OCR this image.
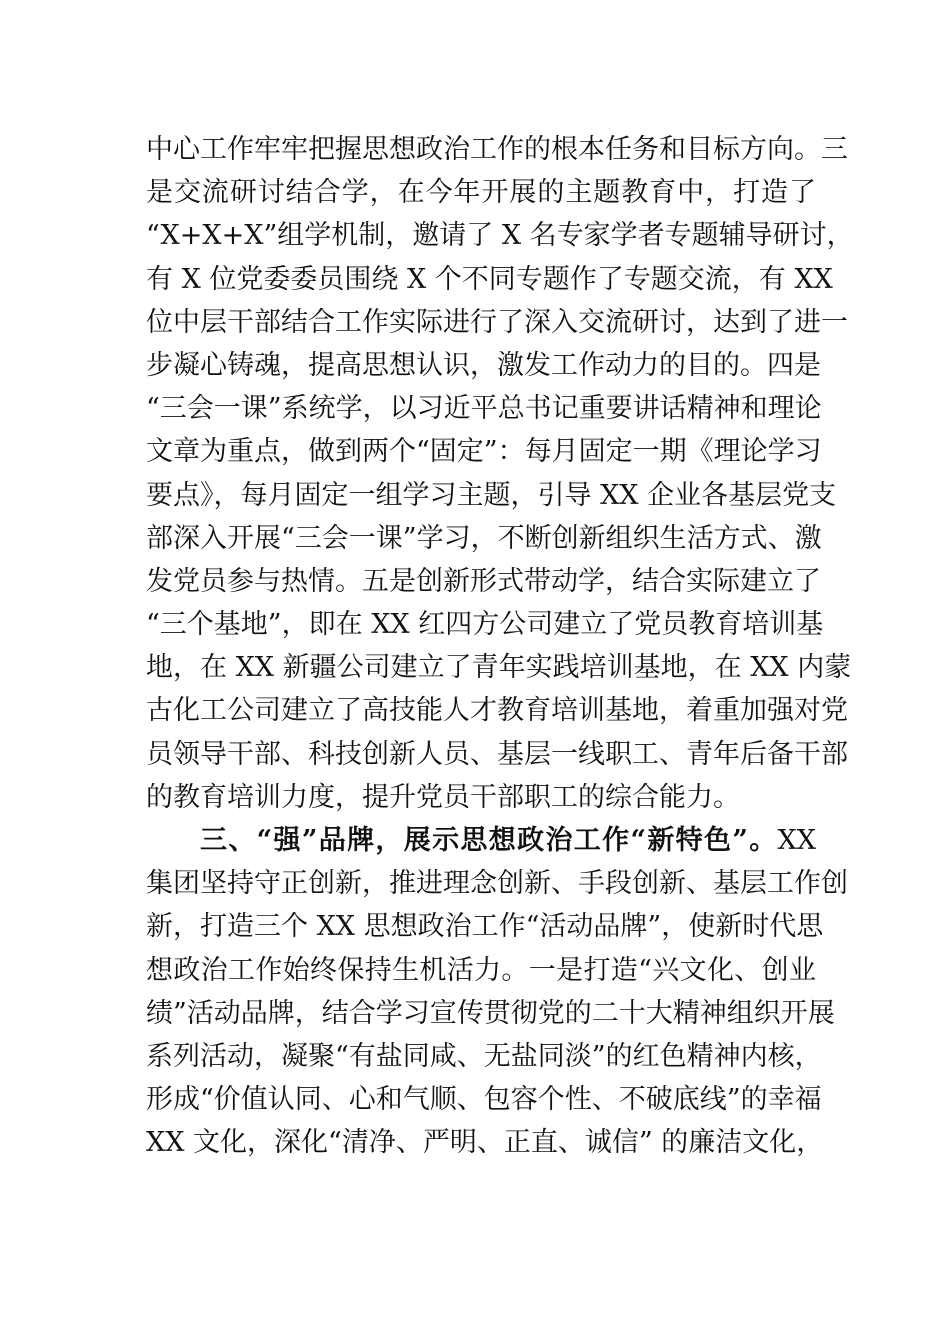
中心工作牢牢把握思想政治工作的根本任务和目标方向。三
是交流研讨结合学，在今年开展的主题教育中，打造了
“X+X+X”组学机制，邀请了 X 名专家学者专题辅导研讨，
有 X 位党委委员围绕 X 个不同专题作了专题交流，有 XX
位中层干部结合工作实际进行了深入交流研讨，达到了进一
步凝心铸魂，提高思想认识，激发工作动力的目的。四是
“三会一课”系统学，以习近平总书记重要讲话精神和理论
文章为重点，做到两个“固定”：每月固定一期《理论学习
要点》，每月固定一组学习主题，引导 XX 企业各基层党支
部深入开展“三会一课”学习，不断创新组织生活方式、激
发党员参与热情。五是创新形式带动学，结合实际建立了
“三个基地”，即在 XX 红四方公司建立了党员教育培训基
地，在 XX 新疆公司建立了青年实践培训基地，在 XX 内蒙
古化工公司建立了高技能人才教育培训基地，着重加强对党
员领导干部、科技创新人员、基层一线职工、青年后备干部
的教育培训力度，提升党员干部职工的综合能力。
三、“强”品牌，展示思想政治工作“新特色”。XX
集团坚持守正创新，推进理念创新、手段创新、基层工作创
新，打造三个 XX 思想政治工作“活动品牌”，使新时代思
想政治工作始终保持生机活力。一是打造“兴文化、创业
绩”活动品牌，结合学习宣传贯彻党的二十大精神组织开展
系列活动，凝聚“有盐同咸、无盐同淡”的红色精神内核，
形成“价值认同、心和气顺、包容个性、不破底线”的幸福
XX 文化，深化“清净、严明、正直、诚信” 的廉洁文化，
